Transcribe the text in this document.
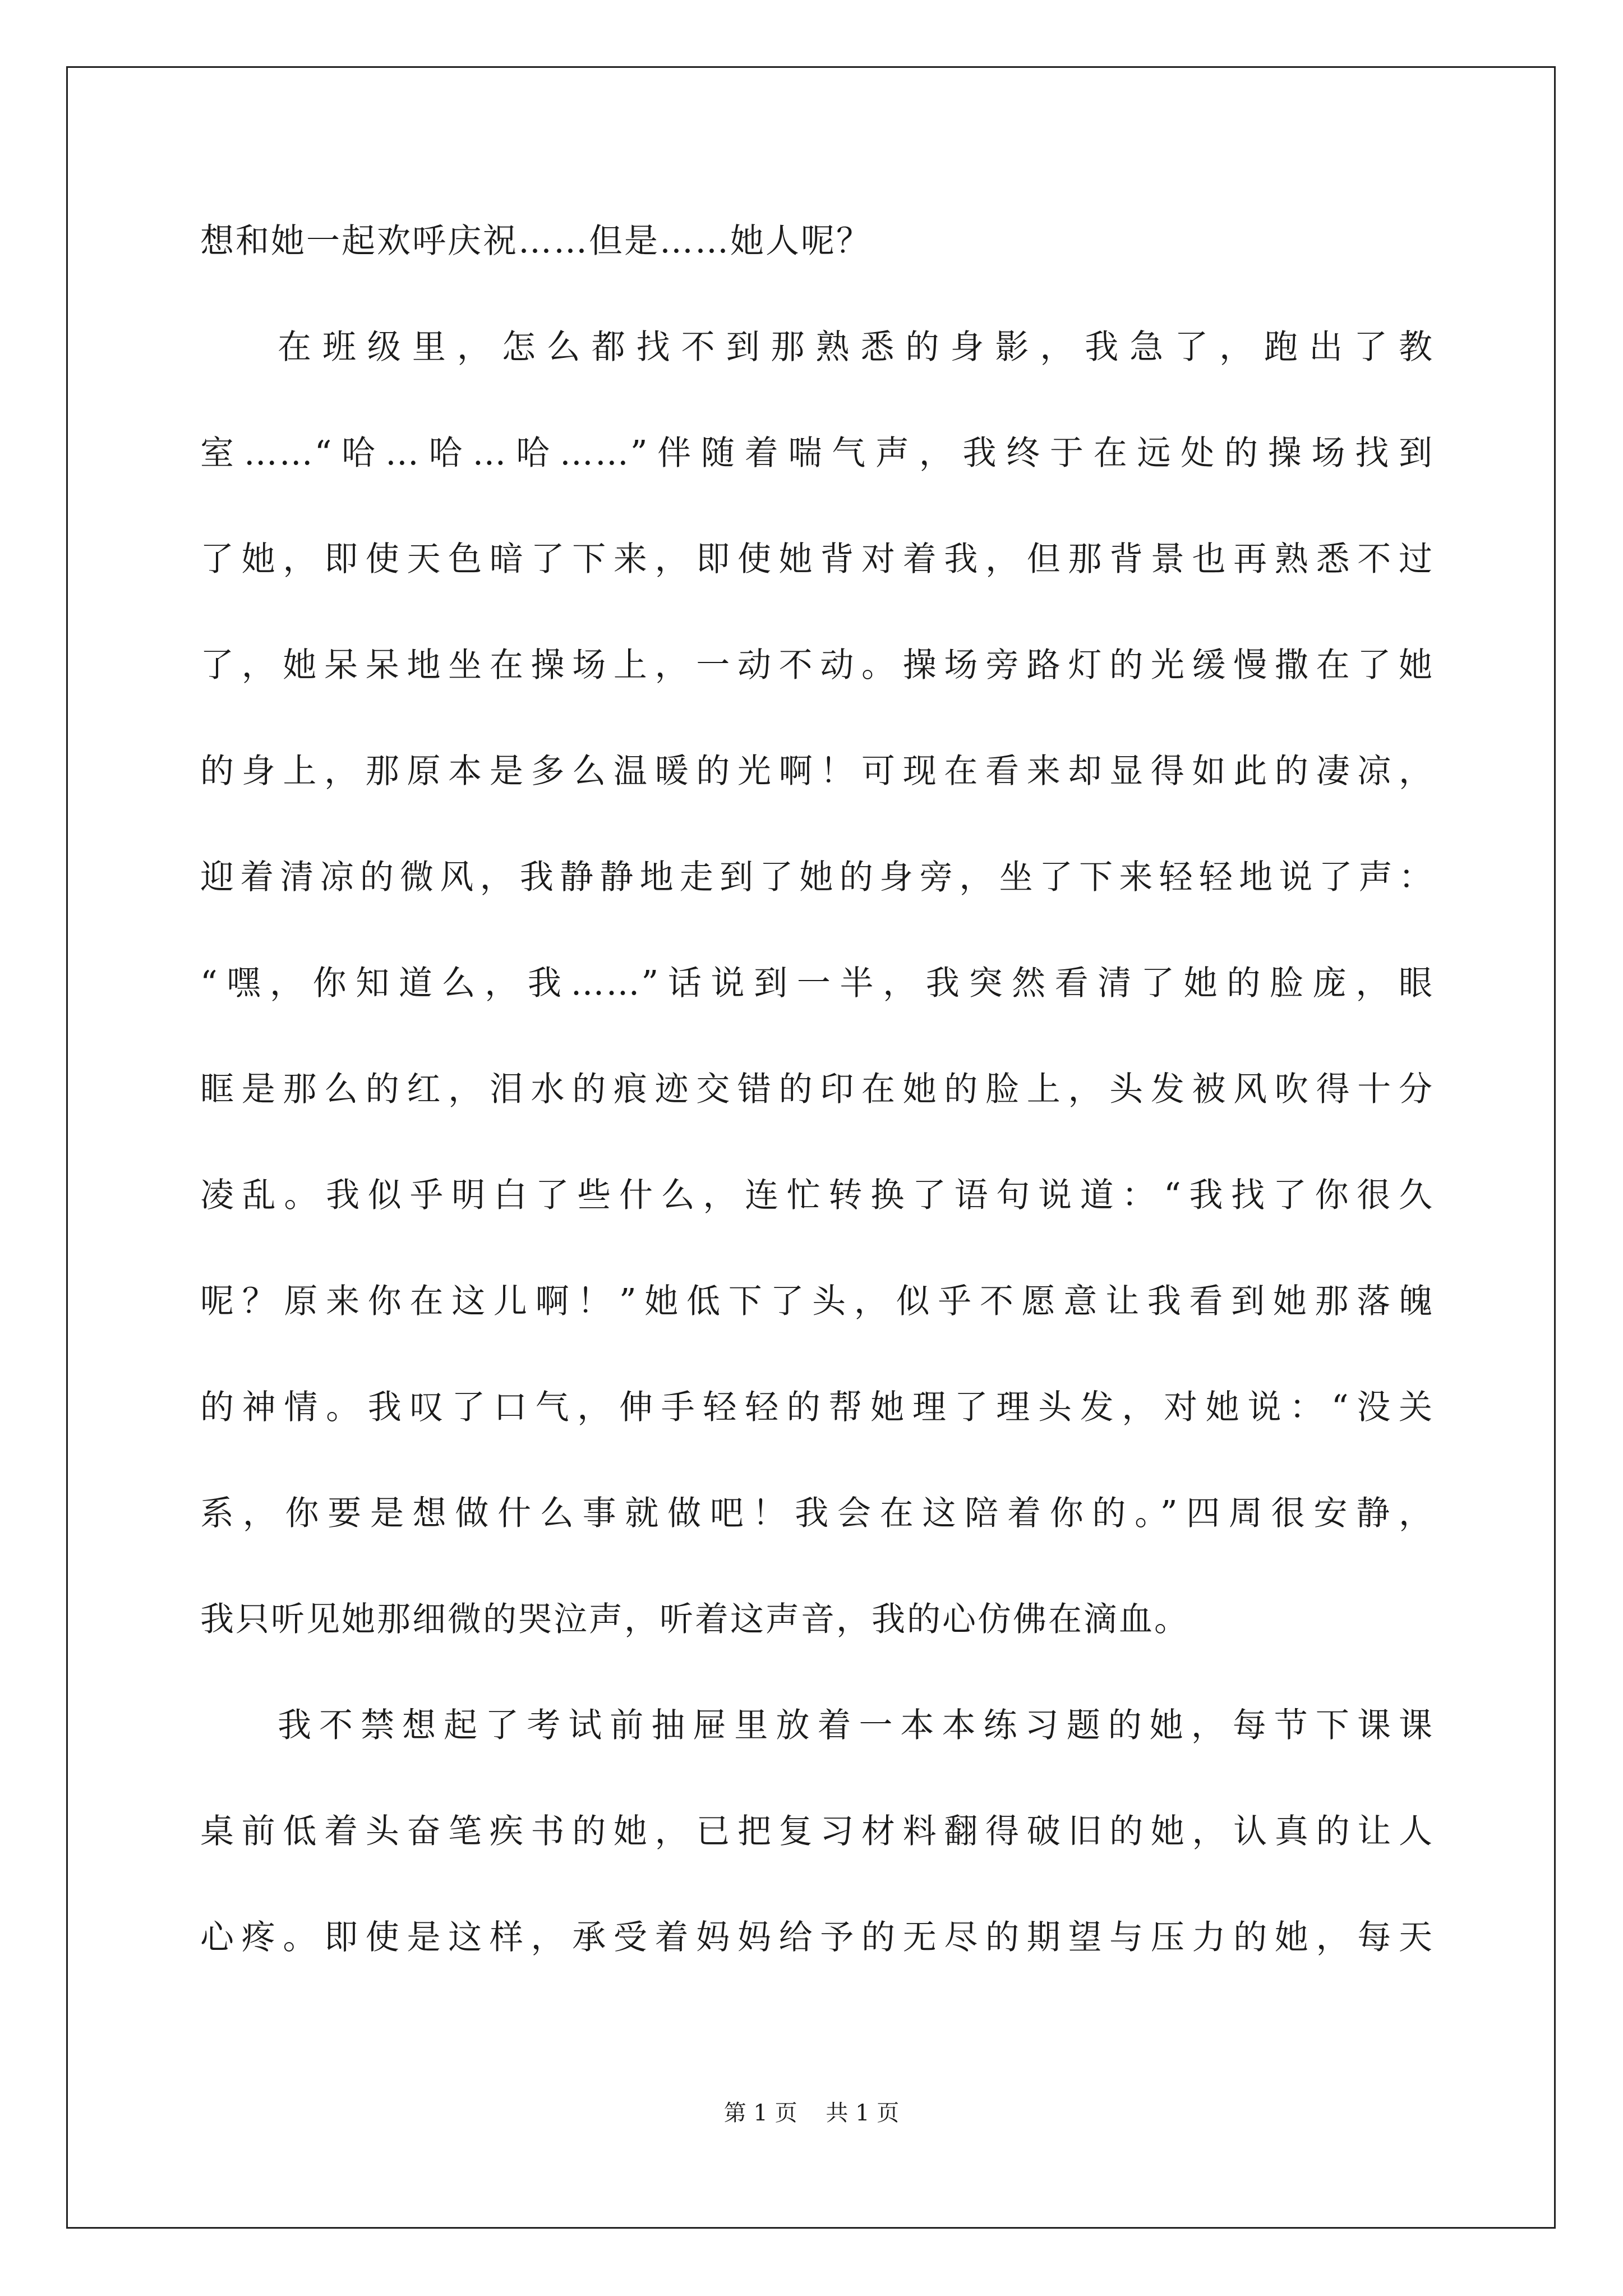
想和她一起欢呼庆祝……但是……她人呢？
在班级里，怎么都找不到那熟悉的身影，我急了，跑出了教
室……“哈…哈…哈……”伴随着喘气声，我终于在远处的操场找到
了她，即使天色暗了下来，即使她背对着我，但那背景也再熟悉不过
了，她呆呆地坐在操场上，一动不动。操场旁路灯的光缓慢撒在了她
的身上，那原本是多么温暖的光啊！可现在看来却显得如此的凄凉，
迎着清凉的微风，我静静地走到了她的身旁，坐了下来轻轻地说了声：
“嘿，你知道么，我……”话说到一半，我突然看清了她的脸庞，眼
眶是那么的红，泪水的痕迹交错的印在她的脸上，头发被风吹得十分
凌乱。我似乎明白了些什么，连忙转换了语句说道：“我找了你很久
呢？原来你在这儿啊！”她低下了头，似乎不愿意让我看到她那落魄
的神情。我叹了口气，伸手轻轻的帮她理了理头发，对她说：“没关
系，你要是想做什么事就做吧！我会在这陪着你的。”四周很安静，
我只听见她那细微的哭泣声，听着这声音，我的心仿佛在滴血。
我不禁想起了考试前抽屉里放着一本本练习题的她，每节下课课
桌前低着头奋笔疾书的她，已把复习材料翻得破旧的她，认真的让人
心疼。即使是这样，承受着妈妈给予的无尽的期望与压力的她，每天
第 1 页    共 1 页
